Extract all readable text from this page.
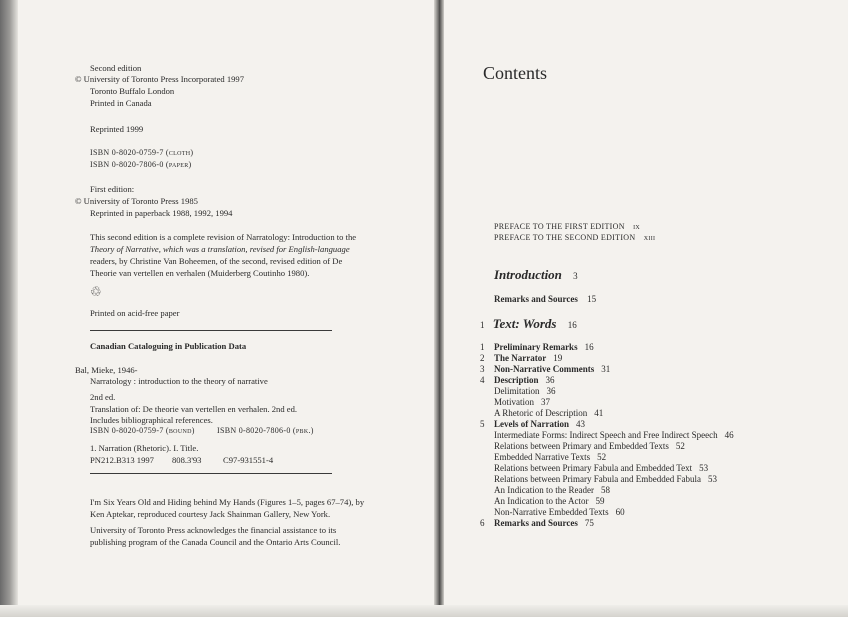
Second edition
© University of Toronto Press Incorporated 1997
Toronto Buffalo London
Printed in Canada
Reprinted 1999
ISBN 0-8020-0759-7 (cloth)
ISBN 0-8020-7806-0 (paper)
First edition:
© University of Toronto Press 1985
Reprinted in paperback 1988, 1992, 1994
This second edition is a complete revision of Narratology: Introduction to the
Theory of Narrative, which was a translation, revised for English-language
readers, by Christine Van Boheemen, of the second, revised edition of De
Theorie van vertellen en verhalen (Muiderberg Coutinho 1980).
♲
Printed on acid-free paper
Canadian Cataloguing in Publication Data
Bal, Mieke, 1946-
Narratology : introduction to the theory of narrative
2nd ed.
Translation of: De theorie van vertellen en verhalen. 2nd ed.
Includes bibliographical references.
ISBN 0-8020-0759-7 (bound)	ISBN 0-8020-7806-0 (pbk.)
1. Narration (Rhetoric). I. Title.
PN212.B313 1997 808.3'93	C97-931551-4
I'm Six Years Old and Hiding behind My Hands (Figures 1–5, pages 67–74), by
Ken Aptekar, reproduced courtesy Jack Shainman Gallery, New York.
University of Toronto Press acknowledges the financial assistance to its
publishing program of the Canada Council and the Ontario Arts Council.
Contents
PREFACE TO THE FIRST EDITION ix
PREFACE TO THE SECOND EDITION xiii
Introduction 3
Remarks and Sources 15
1 Text: Words 16
1	Preliminary Remarks 16
2	The Narrator 19
3	Non-Narrative Comments 31
4	Description 36
Delimitation 36
Motivation 37
A Rhetoric of Description 41
5	Levels of Narration 43
Intermediate Forms: Indirect Speech and Free Indirect Speech 46
Relations between Primary and Embedded Texts 52
Embedded Narrative Texts 52
Relations between Primary Fabula and Embedded Text 53
Relations between Primary Fabula and Embedded Fabula 53
An Indication to the Reader 58
An Indication to the Actor 59
Non-Narrative Embedded Texts 60
6	Remarks and Sources 75
